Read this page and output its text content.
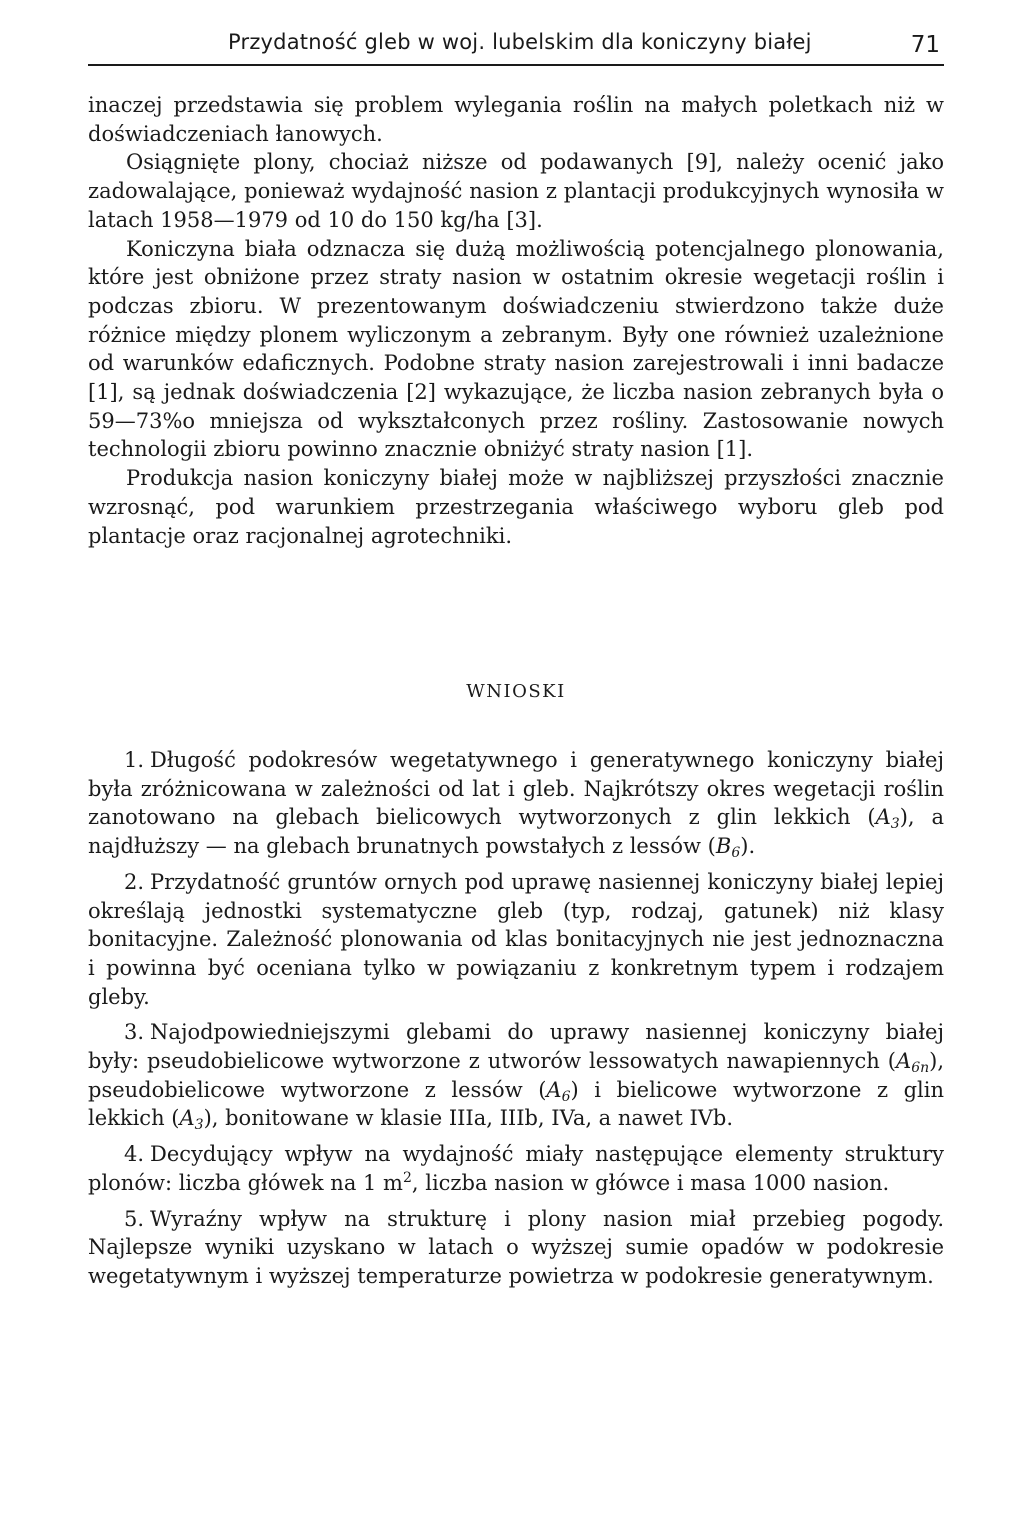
Przydatność gleb w woj. lubelskim dla koniczyny białej	71

inaczej przedstawia się problem wylegania roślin na małych poletkach niż w doświadczeniach łanowych.

Osiągnięte plony, chociaż niższe od podawanych [9], należy ocenić jako zadowalające, ponieważ wydajność nasion z plantacji produkcyjnych wynosiła w latach 1958—1979 od 10 do 150 kg/ha [3].

Koniczyna biała odznacza się dużą możliwością potencjalnego plonowania, które jest obniżone przez straty nasion w ostatnim okresie wegetacji roślin i podczas zbioru. W prezentowanym doświadczeniu stwierdzono także duże różnice między plonem wyliczonym a zebranym. Były one również uzależnione od warunków edaficznych. Podobne straty nasion zarejestrowali i inni badacze [1], są jednak doświadczenia [2] wykazujące, że liczba nasion zebranych była o 59—73%o mniejsza od wykształconych przez rośliny. Zastosowanie nowych technologii zbioru powinno znacznie obniżyć straty nasion [1].

Produkcja nasion koniczyny białej może w najbliższej przyszłości znacznie wzrosnąć, pod warunkiem przestrzegania właściwego wyboru gleb pod plantacje oraz racjonalnej agrotechniki.

WNIOSKI

1. Długość podokresów wegetatywnego i generatywnego koniczyny białej była zróżnicowana w zależności od lat i gleb. Najkrótszy okres wegetacji roślin zanotowano na glebach bielicowych wytworzonych z glin lekkich $(A_3)$, a najdłuższy — na glebach brunatnych powstałych z lessów $(B_6)$.

2. Przydatność gruntów ornych pod uprawę nasiennej koniczyny białej lepiej określają jednostki systematyczne gleb (typ, rodzaj, gatunek) niż klasy bonitacyjne. Zależność plonowania od klas bonitacyjnych nie jest jednoznaczna i powinna być oceniana tylko w powiązaniu z konkretnym typem i rodzajem gleby.

3. Najodpowiedniejszymi glebami do uprawy nasiennej koniczyny białej były: pseudobielicowe wytworzone z utworów lessowatych nawapiennych $(A_{6n})$, pseudobielicowe wytworzone z lessów $(A_6)$ i bielicowe wytworzone z glin lekkich $(A_3)$, bonitowane w klasie IIIa, IIIb, IVa, a nawet IVb.

4. Decydujący wpływ na wydajność miały następujące elementy struktury plonów: liczba główek na 1 $m^2$, liczba nasion w główce i masa 1000 nasion.

5. Wyraźny wpływ na strukturę i plony nasion miał przebieg pogody. Najlepsze wyniki uzyskano w latach o wyższej sumie opadów w podokresie wegetatywnym i wyższej temperaturze powietrza w podokresie generatywnym.
